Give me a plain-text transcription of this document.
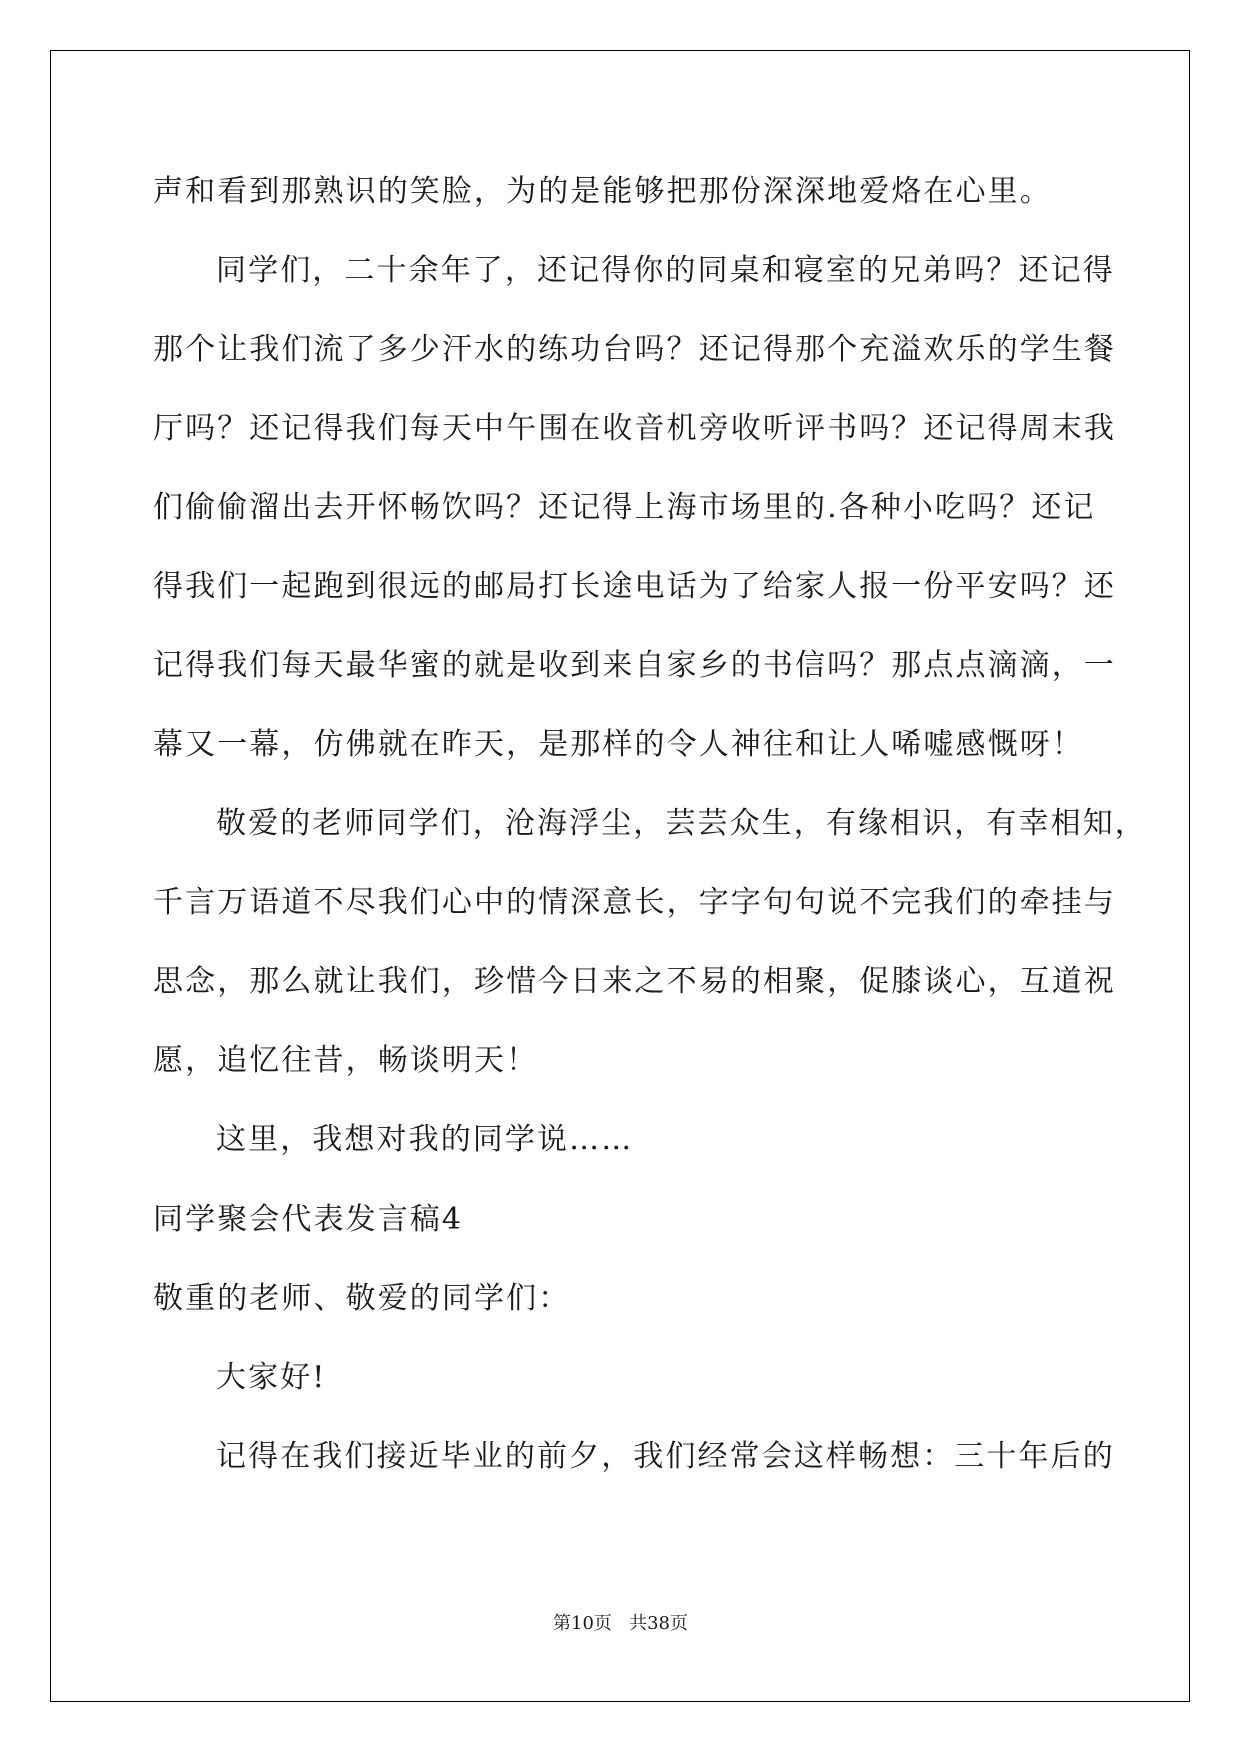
声和看到那熟识的笑脸，为的是能够把那份深深地爱烙在心里。
同学们，二十余年了，还记得你的同桌和寝室的兄弟吗？还记得
那个让我们流了多少汗水的练功台吗？还记得那个充溢欢乐的学生餐
厅吗？还记得我们每天中午围在收音机旁收听评书吗？还记得周末我
们偷偷溜出去开怀畅饮吗？还记得上海市场里的.各种小吃吗？还记
得我们一起跑到很远的邮局打长途电话为了给家人报一份平安吗？还
记得我们每天最华蜜的就是收到来自家乡的书信吗？那点点滴滴，一
幕又一幕，仿佛就在昨天，是那样的令人神往和让人唏嘘感慨呀！
敬爱的老师同学们，沧海浮尘，芸芸众生，有缘相识，有幸相知，
千言万语道不尽我们心中的情深意长，字字句句说不完我们的牵挂与
思念，那么就让我们，珍惜今日来之不易的相聚，促膝谈心，互道祝
愿，追忆往昔，畅谈明天！
这里，我想对我的同学说……
同学聚会代表发言稿4
敬重的老师、敬爱的同学们：
大家好!
记得在我们接近毕业的前夕，我们经常会这样畅想：三十年后的
第10页   共38页
